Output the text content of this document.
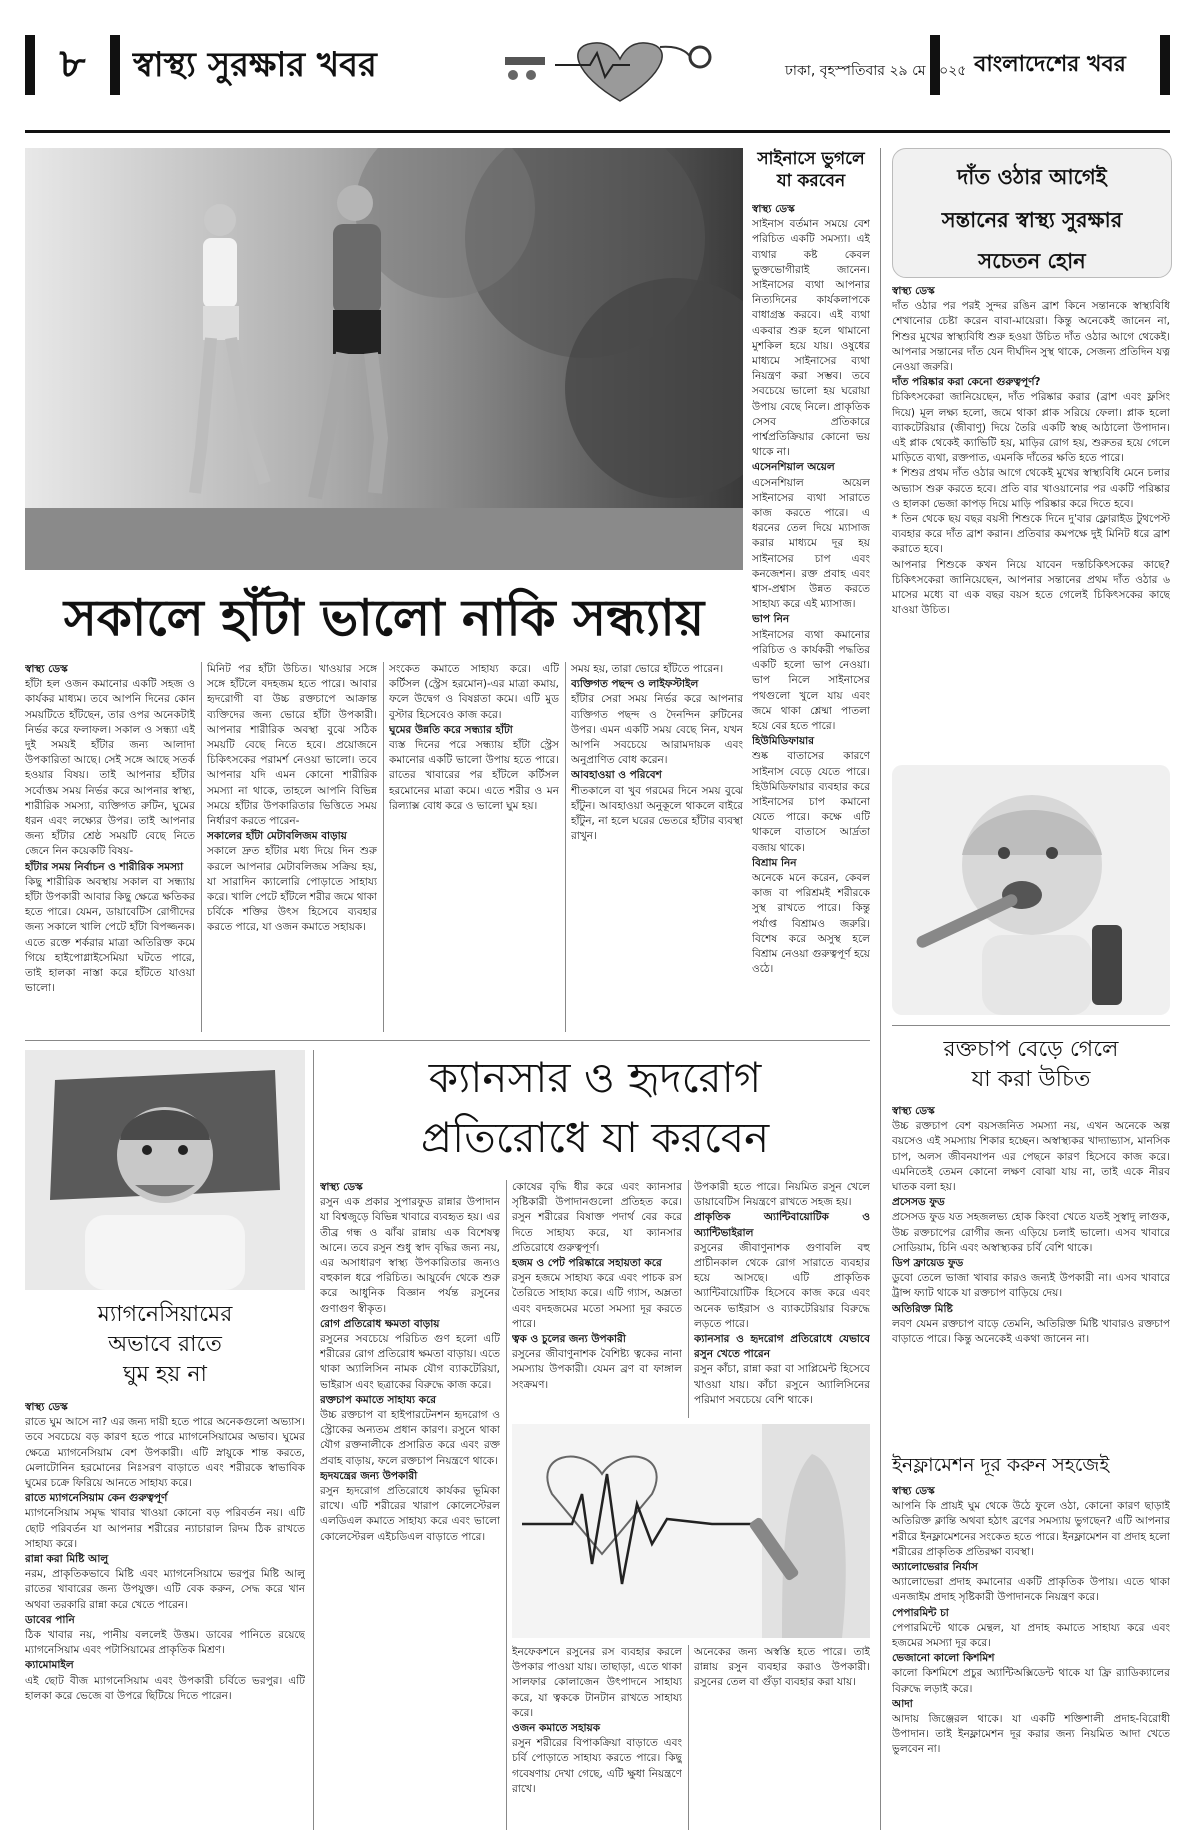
৮	স্বাস্থ্য সুরক্ষার খবর	ঢাকা, বৃহস্পতিবার ২৯ মে ২০২৫ বাংলাদেশের খবর
সাইনাসে ভুগলে যা করবেন
স্বাস্থ্য ডেস্ক
সাইনাস বর্তমান সময়ে বেশ পরিচিত একটি সমস্যা। এই ব্যথার কষ্ট কেবল ভুক্তভোগীরাই জানেন। সাইনাসের ব্যথা আপনার নিত্যদিনের কার্যকলাপকে বাধাগ্রস্ত করবে। এই ব্যথা একবার শুরু হলে থামানো মুশকিল হয়ে যায়। ওষুধের মাধ্যমে সাইনাসের ব্যথা নিয়ন্ত্রণ করা সম্ভব। তবে সবচেয়ে ভালো হয় ঘরোয়া উপায় বেছে নিলে। প্রাকৃতিক সেসব প্রতিকারে পার্শ্বপ্রতিক্রিয়ার কোনো ভয় থাকে না।
এসেনশিয়াল অয়েল
এসেনশিয়াল অয়েল সাইনাসের ব্যথা সারাতে কাজ করতে পারে। এ ধরনের তেল দিয়ে ম্যাসাজ করার মাধ্যমে দূর হয় সাইনাসের চাপ এবং কনজেশন। রক্ত প্রবাহ এবং শ্বাস-প্রশ্বাস উন্নত করতে সাহায্য করে এই ম্যাসাজ।
ভাপ নিন
সাইনাসের ব্যথা কমানোর পরিচিত ও কার্যকরী পদ্ধতির একটি হলো ভাপ নেওয়া। ভাপ নিলে সাইনাসের পথগুলো খুলে যায় এবং জমে থাকা শ্লেষ্মা পাতলা হয়ে বের হতে পারে।
হিউমিডিফায়ার
শুষ্ক বাতাসের কারণে সাইনাস বেড়ে যেতে পারে। হিউমিডিফায়ার ব্যবহার করে সাইনাসের চাপ কমানো যেতে পারে। কক্ষে এটি থাকলে বাতাসে আর্দ্রতা বজায় থাকে।
বিশ্রাম নিন
অনেকে মনে করেন, কেবল কাজ বা পরিশ্রমই শরীরকে সুস্থ রাখতে পারে। কিন্তু পর্যাপ্ত বিশ্রামও জরুরি। বিশেষ করে অসুস্থ হলে বিশ্রাম নেওয়া গুরুত্বপূর্ণ হয়ে ওঠে।
দাঁত ওঠার আগেই
সন্তানের স্বাস্থ্য সুরক্ষার
সচেতন হোন
স্বাস্থ্য ডেস্ক
দাঁত ওঠার পর পরই সুন্দর রঙিন ব্রাশ কিনে সন্তানকে স্বাস্থ্যবিধি শেখানোর চেষ্টা করেন বাবা-মায়েরা। কিন্তু অনেকেই জানেন না, শিশুর মুখের স্বাস্থ্যবিধি শুরু হওয়া উচিত দাঁত ওঠার আগে থেকেই। আপনার সন্তানের দাঁত যেন দীর্ঘদিন সুস্থ থাকে, সেজন্য প্রতিদিন যত্ন নেওয়া জরুরি।
দাঁত পরিষ্কার করা কেনো গুরুত্বপূর্ণ?
চিকিৎসকেরা জানিয়েছেন, দাঁত পরিষ্কার করার (ব্রাশ এবং ফ্লসিং দিয়ে) মূল লক্ষ্য হলো, জমে থাকা প্লাক সরিয়ে ফেলা। প্লাক হলো ব্যাকটেরিয়ার (জীবাণু) দিয়ে তৈরি একটি স্বচ্ছ আঠালো উপাদান। এই প্লাক থেকেই ক্যাভিটি হয়, মাড়ির রোগ হয়, শুরুতর হয়ে গেলে মাড়িতে ব্যথা, রক্তপাত, এমনকি দাঁতের ক্ষতি হতে পারে।
* শিশুর প্রথম দাঁত ওঠার আগে থেকেই মুখের স্বাস্থ্যবিধি মেনে চলার অভ্যাস শুরু করতে হবে। প্রতি বার খাওয়ানোর পর একটি পরিষ্কার ও হালকা ভেজা কাপড় দিয়ে মাড়ি পরিষ্কার করে দিতে হবে।
* তিন থেকে ছয় বছর বয়সী শিশুকে দিনে দু'বার ফ্লোরাইড টুথপেস্ট ব্যবহার করে দাঁত ব্রাশ করান। প্রতিবার কমপক্ষে দুই মিনিট ধরে ব্রাশ করাতে হবে।
আপনার শিশুকে কখন নিয়ে যাবেন দন্তচিকিৎসকের কাছে? চিকিৎসকেরা জানিয়েছেন, আপনার সন্তানের প্রথম দাঁত ওঠার ৬ মাসের মধ্যে বা এক বছর বয়স হতে গেলেই চিকিৎসকের কাছে যাওয়া উচিত।
সকালে হাঁটা ভালো নাকি সন্ধ্যায়
স্বাস্থ্য ডেস্ক
হাঁটা হল ওজন কমানোর একটি সহজ ও কার্যকর মাধ্যম। তবে আপনি দিনের কোন সময়টিতে হাঁটছেন, তার ওপর অনেকটাই নির্ভর করে ফলাফল। সকাল ও সন্ধ্যা এই দুই সময়ই হাঁটার জন্য আলাদা উপকারিতা আছে। সেই সঙ্গে আছে সতর্ক হওয়ার বিষয়। তাই আপনার হাঁটার সর্বোত্তম সময় নির্ভর করে আপনার স্বাস্থ্য, শারীরিক সমস্যা, ব্যক্তিগত রুটিন, ঘুমের ধরন এবং লক্ষ্যের উপর। তাই আপনার জন্য হাঁটার শ্রেষ্ঠ সময়টি বেছে নিতে জেনে নিন কয়েকটি বিষয়-
হাঁটার সময় নির্বাচন ও শারীরিক সমস্যা
কিছু শারীরিক অবস্থায় সকাল বা সন্ধ্যায় হাঁটা উপকারী আবার কিছু ক্ষেত্রে ক্ষতিকর হতে পারে। যেমন, ডায়াবেটিস রোগীদের জন্য সকালে খালি পেটে হাঁটা বিপজ্জনক। এতে রক্তে শর্করার মাত্রা অতিরিক্ত কমে গিয়ে হাইপোগ্লাইসেমিয়া ঘটতে পারে, তাই হালকা নাস্তা করে হাঁটতে যাওয়া ভালো।
মিনিট পর হাঁটা উচিত। খাওয়ার সঙ্গে সঙ্গে হাঁটলে বদহজম হতে পারে। আবার হৃদরোগী বা উচ্চ রক্তচাপে আক্রান্ত ব্যক্তিদের জন্য ভোরে হাঁটা উপকারী। আপনার শারীরিক অবস্থা বুঝে সঠিক সময়টি বেছে নিতে হবে। প্রয়োজনে চিকিৎসকের পরামর্শ নেওয়া ভালো। তবে আপনার যদি এমন কোনো শারীরিক সমস্যা না থাকে, তাহলে আপনি বিভিন্ন সময়ে হাঁটার উপকারিতার ভিত্তিতে সময় নির্ধারণ করতে পারেন-
সকালের হাঁটা মেটাবলিজম বাড়ায়
সকালে দ্রুত হাঁটার মধ্য দিয়ে দিন শুরু করলে আপনার মেটাবলিজম সক্রিয় হয়, যা সারাদিন ক্যালোরি পোড়াতে সাহায্য করে। খালি পেটে হাঁটলে শরীর জমে থাকা চর্বিকে শক্তির উৎস হিসেবে ব্যবহার করতে পারে, যা ওজন কমাতে সহায়ক।
সংকেত কমাতে সাহায্য করে। এটি কর্টিসল (স্ট্রেস হরমোন)-এর মাত্রা কমায়, ফলে উদ্বেগ ও বিষণ্ণতা কমে। এটি মুড বুস্টার হিসেবেও কাজ করে।
ঘুমের উন্নতি করে সন্ধ্যার হাঁটা
ব্যস্ত দিনের পরে সন্ধ্যায় হাঁটা স্ট্রেস কমানোর একটি ভালো উপায় হতে পারে। রাতের খাবারের পর হাঁটলে কর্টিসল হরমোনের মাত্রা কমে। এতে শরীর ও মন রিল্যাক্স বোধ করে ও ভালো ঘুম হয়।
সময় হয়, তারা ভোরে হাঁটতে পারেন।
ব্যক্তিগত পছন্দ ও লাইফস্টাইল
হাঁটার সেরা সময় নির্ভর করে আপনার ব্যক্তিগত পছন্দ ও দৈনন্দিন রুটিনের উপর। এমন একটি সময় বেছে নিন, যখন আপনি সবচেয়ে আরামদায়ক এবং অনুপ্রাণিত বোধ করেন।
আবহাওয়া ও পরিবেশ
শীতকালে বা খুব গরমের দিনে সময় বুঝে হাঁটুন। আবহাওয়া অনুকূলে থাকলে বাইরে হাঁটুন, না হলে ঘরের ভেতরে হাঁটার ব্যবস্থা রাখুন।
ম্যাগনেসিয়ামের
অভাবে রাতে
ঘুম হয় না
স্বাস্থ্য ডেস্ক
রাতে ঘুম আসে না? এর জন্য দায়ী হতে পারে অনেকগুলো অভ্যাস। তবে সবচেয়ে বড় কারণ হতে পারে ম্যাগনেসিয়ামের অভাব। ঘুমের ক্ষেত্রে ম্যাগনেসিয়াম বেশ উপকারী। এটি স্নায়ুকে শান্ত করতে, মেলাটোনিন হরমোনের নিঃসরণ বাড়াতে এবং শরীরকে স্বাভাবিক ঘুমের চক্রে ফিরিয়ে আনতে সাহায্য করে।
রাতে ম্যাগনেসিয়াম কেন গুরুত্বপূর্ণ
ম্যাগনেসিয়াম সমৃদ্ধ খাবার খাওয়া কোনো বড় পরিবর্তন নয়। এটি ছোট পরিবর্তন যা আপনার শরীরের ন্যাচারাল রিদম ঠিক রাখতে সাহায্য করে।
রান্না করা মিষ্টি আলু
নরম, প্রাকৃতিকভাবে মিষ্টি এবং ম্যাগনেসিয়ামে ভরপুর মিষ্টি আলু রাতের খাবারের জন্য উপযুক্ত। এটি বেক করুন, সেদ্ধ করে খান অথবা তরকারি রান্না করে খেতে পারেন।
ডাবের পানি
ঠিক খাবার নয়, পানীয় বললেই উত্তম। ডাবের পানিতে রয়েছে ম্যাগনেসিয়াম এবং পটাসিয়ামের প্রাকৃতিক মিশ্রণ।
ক্যামোমাইল
এই ছোট বীজ ম্যাগনেসিয়াম এবং উপকারী চর্বিতে ভরপুর। এটি হালকা করে ভেজে বা উপরে ছিটিয়ে দিতে পারেন।
ক্যানসার ও হৃদরোগ
প্রতিরোধে যা করবেন
স্বাস্থ্য ডেস্ক
রসুন এক প্রকার সুপারফুড রান্নার উপাদান যা বিশ্বজুড়ে বিভিন্ন খাবারে ব্যবহৃত হয়। এর তীব্র গন্ধ ও ঝাঁঝ রান্নায় এক বিশেষত্ব আনে। তবে রসুন শুধু স্বাদ বৃদ্ধির জন্য নয়, এর অসাধারণ স্বাস্থ্য উপকারিতার জন্যও বহুকাল ধরে পরিচিত। আয়ুর্বেদ থেকে শুরু করে আধুনিক বিজ্ঞান পর্যন্ত রসুনের গুণাগুণ স্বীকৃত।
রোগ প্রতিরোধ ক্ষমতা বাড়ায়
রসুনের সবচেয়ে পরিচিত গুণ হলো এটি শরীরের রোগ প্রতিরোধ ক্ষমতা বাড়ায়। এতে থাকা অ্যালিসিন নামক যৌগ ব্যাকটেরিয়া, ভাইরাস এবং ছত্রাকের বিরুদ্ধে কাজ করে।
রক্তচাপ কমাতে সাহায্য করে
উচ্চ রক্তচাপ বা হাইপারটেনশন হৃদরোগ ও স্ট্রোকের অন্যতম প্রধান কারণ। রসুনে থাকা যৌগ রক্তনালীকে প্রসারিত করে এবং রক্ত প্রবাহ বাড়ায়, ফলে রক্তচাপ নিয়ন্ত্রণে থাকে।
হৃদযন্ত্রের জন্য উপকারী
রসুন হৃদরোগ প্রতিরোধে কার্যকর ভূমিকা রাখে। এটি শরীরের খারাপ কোলেস্টেরল এলডিএল কমাতে সাহায্য করে এবং ভালো কোলেস্টেরল এইচডিএল বাড়াতে পারে।
কোষের বৃদ্ধি ধীর করে এবং ক্যানসার সৃষ্টিকারী উপাদানগুলো প্রতিহত করে। রসুন শরীরের বিষাক্ত পদার্থ বের করে দিতে সাহায্য করে, যা ক্যানসার প্রতিরোধে গুরুত্বপূর্ণ।
হজম ও পেট পরিষ্কারে সহায়তা করে
রসুন হজমে সাহায্য করে এবং পাচক রস তৈরিতে সাহায্য করে। এটি গ্যাস, অম্লতা এবং বদহজমের মতো সমস্যা দূর করতে পারে।
ত্বক ও চুলের জন্য উপকারী
রসুনের জীবাণুনাশক বৈশিষ্ট্য ত্বকের নানা সমস্যায় উপকারী। যেমন ব্রণ বা ফাঙ্গাল সংক্রমণ।
উপকারী হতে পারে। নিয়মিত রসুন খেলে ডায়াবেটিস নিয়ন্ত্রণে রাখতে সহজ হয়।
প্রাকৃতিক অ্যান্টিবায়োটিক ও অ্যান্টিভাইরাল
রসুনের জীবাণুনাশক গুণাবলি বহু প্রাচীনকাল থেকে রোগ সারাতে ব্যবহার হয়ে আসছে। এটি প্রাকৃতিক অ্যান্টিবায়োটিক হিসেবে কাজ করে এবং অনেক ভাইরাস ও ব্যাকটেরিয়ার বিরুদ্ধে লড়তে পারে।
ক্যানসার ও হৃদরোগ প্রতিরোধে যেভাবে রসুন খেতে পারেন
রসুন কাঁচা, রান্না করা বা সাপ্লিমেন্ট হিসেবে খাওয়া যায়। কাঁচা রসুনে অ্যালিসিনের পরিমাণ সবচেয়ে বেশি থাকে।
ইনফেকশনে রসুনের রস ব্যবহার করলে উপকার পাওয়া যায়। তাছাড়া, এতে থাকা সালফার কোলাজেন উৎপাদনে সাহায্য করে, যা ত্বককে টানটান রাখতে সাহায্য করে।
ওজন কমাতে সহায়ক
রসুন শরীরের বিপাকক্রিয়া বাড়াতে এবং চর্বি পোড়াতে সাহায্য করতে পারে। কিছু গবেষণায় দেখা গেছে, এটি ক্ষুধা নিয়ন্ত্রণে রাখে।
অনেকের জন্য অস্বস্তি হতে পারে। তাই রান্নায় রসুন ব্যবহার করাও উপকারী। রসুনের তেল বা গুঁড়া ব্যবহার করা যায়।
রক্তচাপ বেড়ে গেলে
যা করা উচিত
স্বাস্থ্য ডেস্ক
উচ্চ রক্তচাপ বেশ বয়সজনিত সমস্যা নয়, এখন অনেকে অল্প বয়সেও এই সমস্যায় শিকার হচ্ছেন। অস্বাস্থ্যকর খাদ্যাভ্যাস, মানসিক চাপ, অলস জীবনযাপন এর পেছনে কারণ হিসেবে কাজ করে। এমনিতেই তেমন কোনো লক্ষণ বোঝা যায় না, তাই একে নীরব ঘাতক বলা হয়।
প্রসেসড ফুড
প্রসেসড ফুড যত সহজলভ্য হোক কিংবা খেতে যতই সুস্বাদু লাগুক, উচ্চ রক্তচাপের রোগীর জন্য এড়িয়ে চলাই ভালো। এসব খাবারে সোডিয়াম, চিনি এবং অস্বাস্থ্যকর চর্বি বেশি থাকে।
ডিপ ফ্রায়েড ফুড
ডুবো তেলে ভাজা খাবার কারও জন্যই উপকারী না। এসব খাবারে ট্রান্স ফ্যাট থাকে যা রক্তচাপ বাড়িয়ে দেয়।
অতিরিক্ত মিষ্টি
লবণ যেমন রক্তচাপ বাড়ে তেমনি, অতিরিক্ত মিষ্টি খাবারও রক্তচাপ বাড়াতে পারে। কিন্তু অনেকেই একথা জানেন না।
ইনফ্লামেশন দূর করুন সহজেই
স্বাস্থ্য ডেস্ক
আপনি কি প্রায়ই ঘুম থেকে উঠে ফুলে ওঠা, কোনো কারণ ছাড়াই অতিরিক্ত ক্লান্তি অথবা হঠাৎ ব্রণের সমস্যায় ভুগছেন? এটি আপনার শরীরে ইনফ্লামেশনের সংকেত হতে পারে। ইনফ্লামেশন বা প্রদাহ হলো শরীরের প্রাকৃতিক প্রতিরক্ষা ব্যবস্থা।
অ্যালোভেরার নির্যাস
অ্যালোভেরা প্রদাহ কমানোর একটি প্রাকৃতিক উপায়। এতে থাকা এনজাইম প্রদাহ সৃষ্টিকারী উপাদানকে নিয়ন্ত্রণ করে।
পেপারমিন্ট চা
পেপারমিন্টে থাকে মেন্থল, যা প্রদাহ কমাতে সাহায্য করে এবং হজমের সমস্যা দূর করে।
ভেজানো কালো কিশমিশ
কালো কিশমিশে প্রচুর অ্যান্টিঅক্সিডেন্ট থাকে যা ফ্রি র‍্যাডিক্যালের বিরুদ্ধে লড়াই করে।
আদা
আদায় জিঞ্জেরল থাকে। যা একটি শক্তিশালী প্রদাহ-বিরোধী উপাদান। তাই ইনফ্লামেশন দূর করার জন্য নিয়মিত আদা খেতে ভুলবেন না।
